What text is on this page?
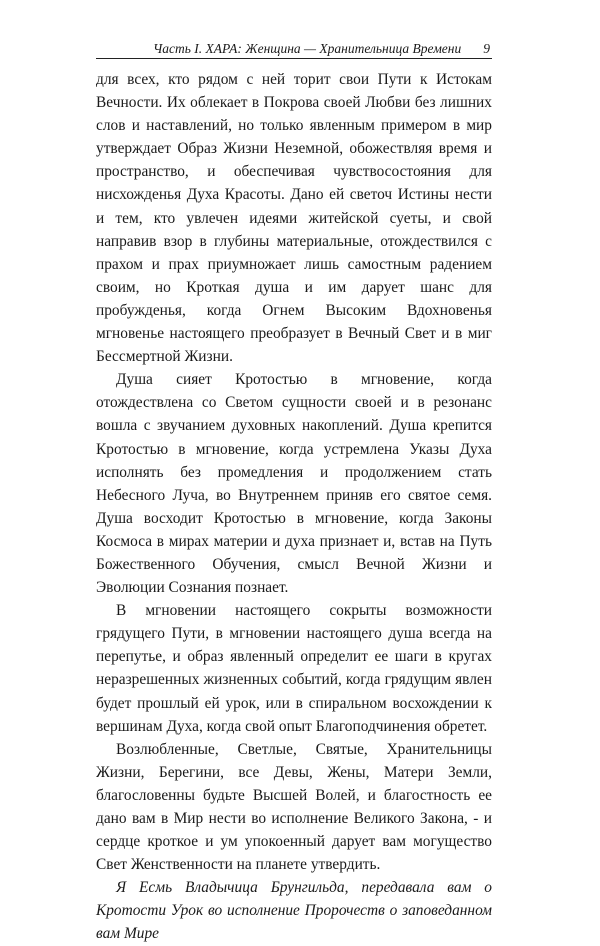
Часть I. ХАРА: Женщина — Хранительница Времени 9

для всех, кто рядом с ней торит свои Пути к Истокам Вечности. Их облекает в Покрова своей Любви без лишних слов и наставлений, но только явленным примером в мир утверждает Образ Жизни Неземной, обожествляя время и пространство, и обеспечивая чувствосостояния для нисхожденья Духа Красоты. Дано ей светоч Истины нести и тем, кто увлечен идеями житейской суеты, и свой направив взор в глубины материальные, отождествился с прахом и прах приумножает лишь самостным радением своим, но Кроткая душа и им дарует шанс для пробужденья, когда Огнем Высоким Вдохновенья мгновенье настоящего преобразует в Вечный Свет и в миг Бессмертной Жизни.

Душа сияет Кротостью в мгновение, когда отождествлена со Светом сущности своей и в резонанс вошла с звучанием духовных накоплений. Душа крепится Кротостью в мгновение, когда устремлена Указы Духа исполнять без промедления и продолжением стать Небесного Луча, во Внутреннем приняв его святое семя. Душа восходит Кротостью в мгновение, когда Законы Космоса в мирах материи и духа признает и, встав на Путь Божественного Обучения, смысл Вечной Жизни и Эволюции Сознания познает.

В мгновении настоящего сокрыты возможности грядущего Пути, в мгновении настоящего душа всегда на перепутье, и образ явленный определит ее шаги в кругах неразрешенных жизненных событий, когда грядущим явлен будет прошлый ей урок, или в спиральном восхождении к вершинам Духа, когда свой опыт Благоподчинения обретет.

Возлюбленные, Светлые, Святые, Хранительницы Жизни, Берегини, все Девы, Жены, Матери Земли, благословенны будьте Высшей Волей, и благостность ее дано вам в Мир нести во исполнение Великого Закона, - и сердце кроткое и ум упокоенный дарует вам могущество Свет Женственности на планете утвердить.

Я Есмь Владычица Брунгильда, передавала вам о Кротости Урок во исполнение Пророчеств о заповеданном вам Мире
